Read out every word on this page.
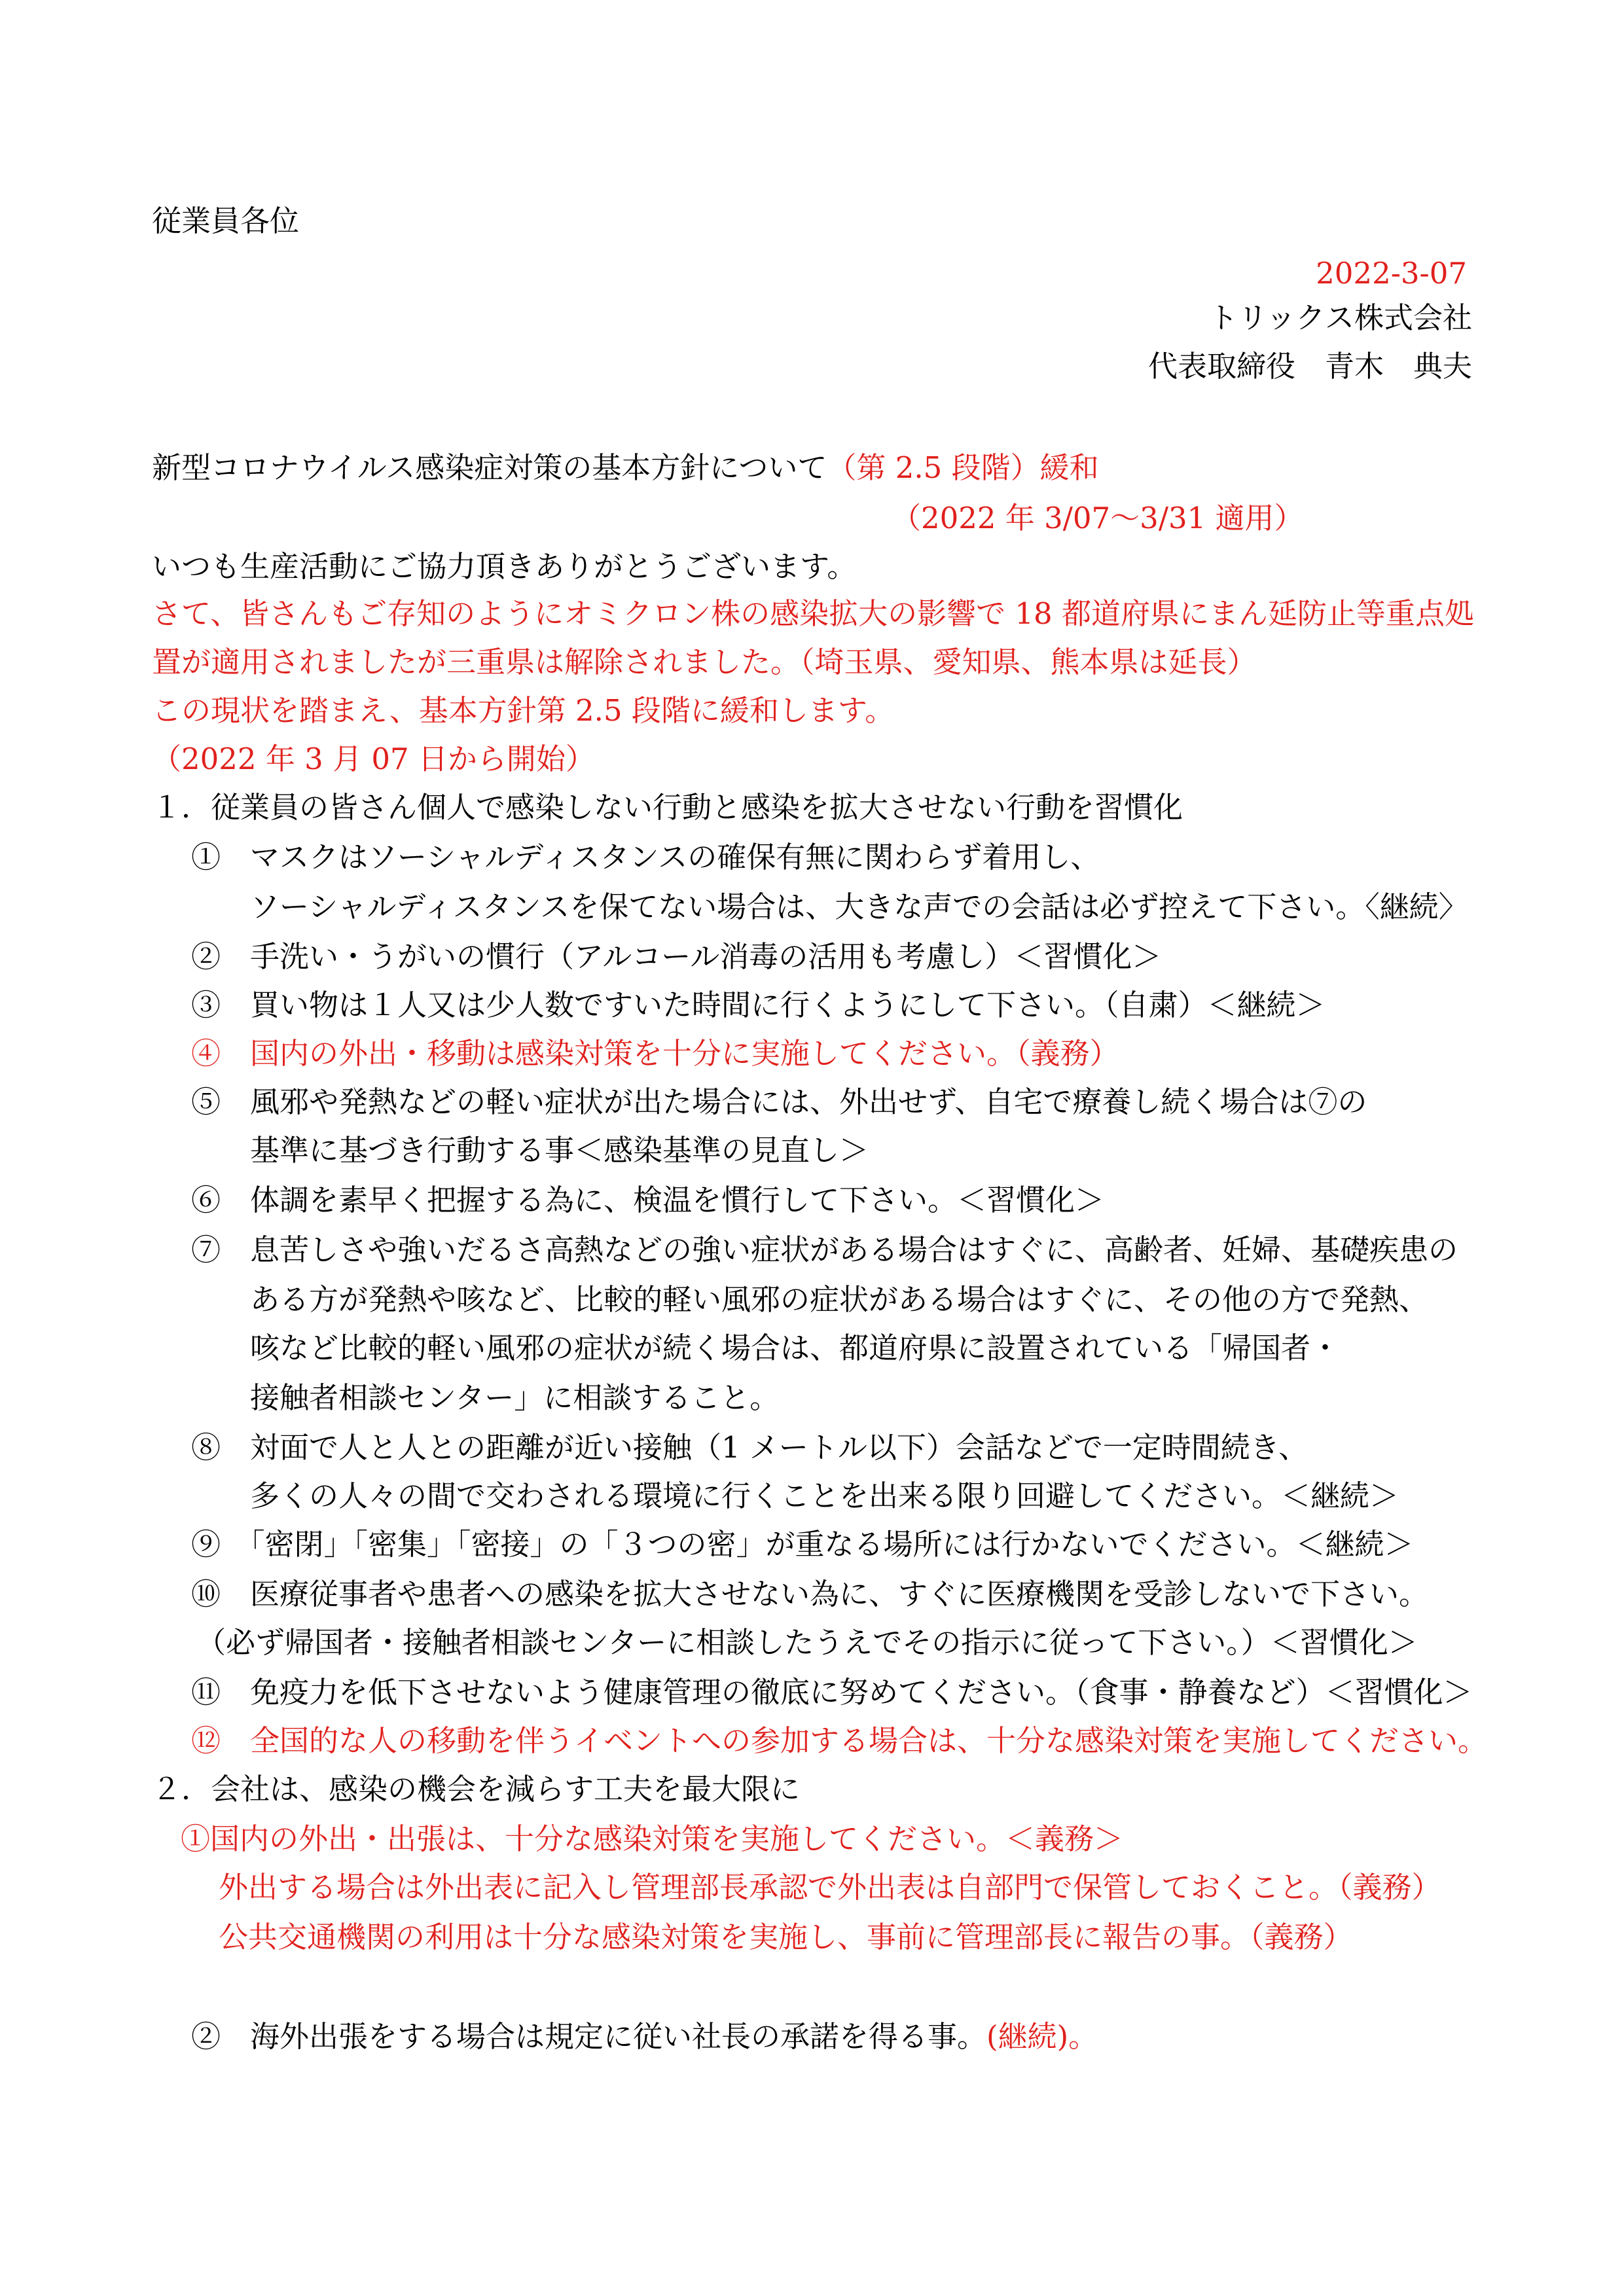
従業員各位

2022-3-07

トリックス株式会社

代表取締役　青木　典夫

新型コロナウイルス感染症対策の基本方針について（第 2.5 段階）緩和

（2022 年 3/07～3/31 適用）

いつも生産活動にご協力頂きありがとうございます。

さて、皆さんもご存知のようにオミクロン株の感染拡大の影響で 18 都道府県にまん延防止等重点処

置が適用されましたが三重県は解除されました。（埼玉県、愛知県、熊本県は延長）

この現状を踏まえ、基本方針第 2.5 段階に緩和します。

（2022 年 3 月 07 日から開始）

１．従業員の皆さん個人で感染しない行動と感染を拡大させない行動を習慣化

①　マスクはソーシャルディスタンスの確保有無に関わらず着用し、

ソーシャルディスタンスを保てない場合は、大きな声での会話は必ず控えて下さい。〈継続〉

②　手洗い・うがいの慣行（アルコール消毒の活用も考慮し）＜習慣化＞

③　買い物は１人又は少人数ですいた時間に行くようにして下さい。（自粛）＜継続＞

④　国内の外出・移動は感染対策を十分に実施してください。（義務）

⑤　風邪や発熱などの軽い症状が出た場合には、外出せず、自宅で療養し続く場合は⑦の

基準に基づき行動する事＜感染基準の見直し＞

⑥　体調を素早く把握する為に、検温を慣行して下さい。＜習慣化＞

⑦　息苦しさや強いだるさ高熱などの強い症状がある場合はすぐに、高齢者、妊婦、基礎疾患の

ある方が発熱や咳など、比較的軽い風邪の症状がある場合はすぐに、その他の方で発熱、

咳など比較的軽い風邪の症状が続く場合は、都道府県に設置されている「帰国者・

接触者相談センター」に相談すること。

⑧　対面で人と人との距離が近い接触（1 メートル以下）会話などで一定時間続き、

多くの人々の間で交わされる環境に行くことを出来る限り回避してください。＜継続＞

⑨　「密閉」「密集」「密接」の「３つの密」が重なる場所には行かないでください。＜継続＞

⑩　医療従事者や患者への感染を拡大させない為に、すぐに医療機関を受診しないで下さい。

（必ず帰国者・接触者相談センターに相談したうえでその指示に従って下さい。）＜習慣化＞

⑪　免疫力を低下させないよう健康管理の徹底に努めてください。（食事・静養など）＜習慣化＞

⑫　全国的な人の移動を伴うイベントへの参加する場合は、十分な感染対策を実施してください。

２．会社は、感染の機会を減らす工夫を最大限に

①国内の外出・出張は、十分な感染対策を実施してください。＜義務＞

外出する場合は外出表に記入し管理部長承認で外出表は自部門で保管しておくこと。（義務）

公共交通機関の利用は十分な感染対策を実施し、事前に管理部長に報告の事。（義務）

②　海外出張をする場合は規定に従い社長の承諾を得る事。(継続)。
